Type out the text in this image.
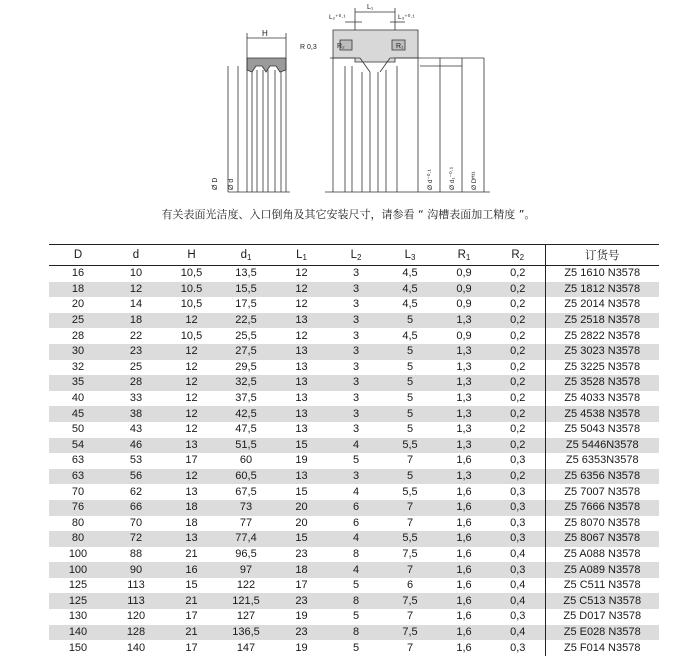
H
Ø D Ø d
L₁
L₂⁺⁰·¹	L₃⁺⁰·¹
R₂	R₁
R 0,3
Ø d⁻⁰·¹ Ø d₁⁻⁰·¹ Ø Dᴴ¹¹
有关表面光洁度、入口倒角及其它安装尺寸，请参看 “ 沟槽表面加工精度 ”。
D	d	H	$d_1$	$L_1$	$L_2$	$L_3$	$R_1$	$R_2$	订货号
16	10	10,5	13,5	12	3	4,5	0,9	0,2	Z5 1610 N3578
18	12	10.5	15,5	12	3	4,5	0,9	0,2	Z5 1812 N3578
20	14	10,5	17,5	12	3	4,5	0,9	0,2	Z5 2014 N3578
25	18	12	22,5	13	3	5	1,3	0,2	Z5 2518 N3578
28	22	10,5	25,5	12	3	4,5	0,9	0,2	Z5 2822 N3578
30	23	12	27,5	13	3	5	1,3	0,2	Z5 3023 N3578
32	25	12	29,5	13	3	5	1,3	0,2	Z5 3225 N3578
35	28	12	32,5	13	3	5	1,3	0,2	Z5 3528 N3578
40	33	12	37,5	13	3	5	1,3	0,2	Z5 4033 N3578
45	38	12	42,5	13	3	5	1,3	0,2	Z5 4538 N3578
50	43	12	47,5	13	3	5	1,3	0,2	Z5 5043 N3578
54	46	13	51,5	15	4	5,5	1,3	0,2	Z5 5446N3578
63	53	17	60	19	5	7	1,6	0,3	Z5 6353N3578
63	56	12	60,5	13	3	5	1,3	0,2	Z5 6356 N3578
70	62	13	67,5	15	4	5,5	1,6	0,3	Z5 7007 N3578
76	66	18	73	20	6	7	1,6	0,3	Z5 7666 N3578
80	70	18	77	20	6	7	1,6	0,3	Z5 8070 N3578
80	72	13	77,4	15	4	5,5	1,6	0,3	Z5 8067 N3578
100	88	21	96,5	23	8	7,5	1,6	0,4	Z5 A088 N3578
100	90	16	97	18	4	7	1,6	0,3	Z5 A089 N3578
125	113	15	122	17	5	6	1,6	0,4	Z5 C511 N3578
125	113	21	121,5	23	8	7,5	1,6	0,4	Z5 C513 N3578
130	120	17	127	19	5	7	1,6	0,3	Z5 D017 N3578
140	128	21	136,5	23	8	7,5	1,6	0,4	Z5 E028 N3578
150	140	17	147	19	5	7	1,6	0,3	Z5 F014 N3578
